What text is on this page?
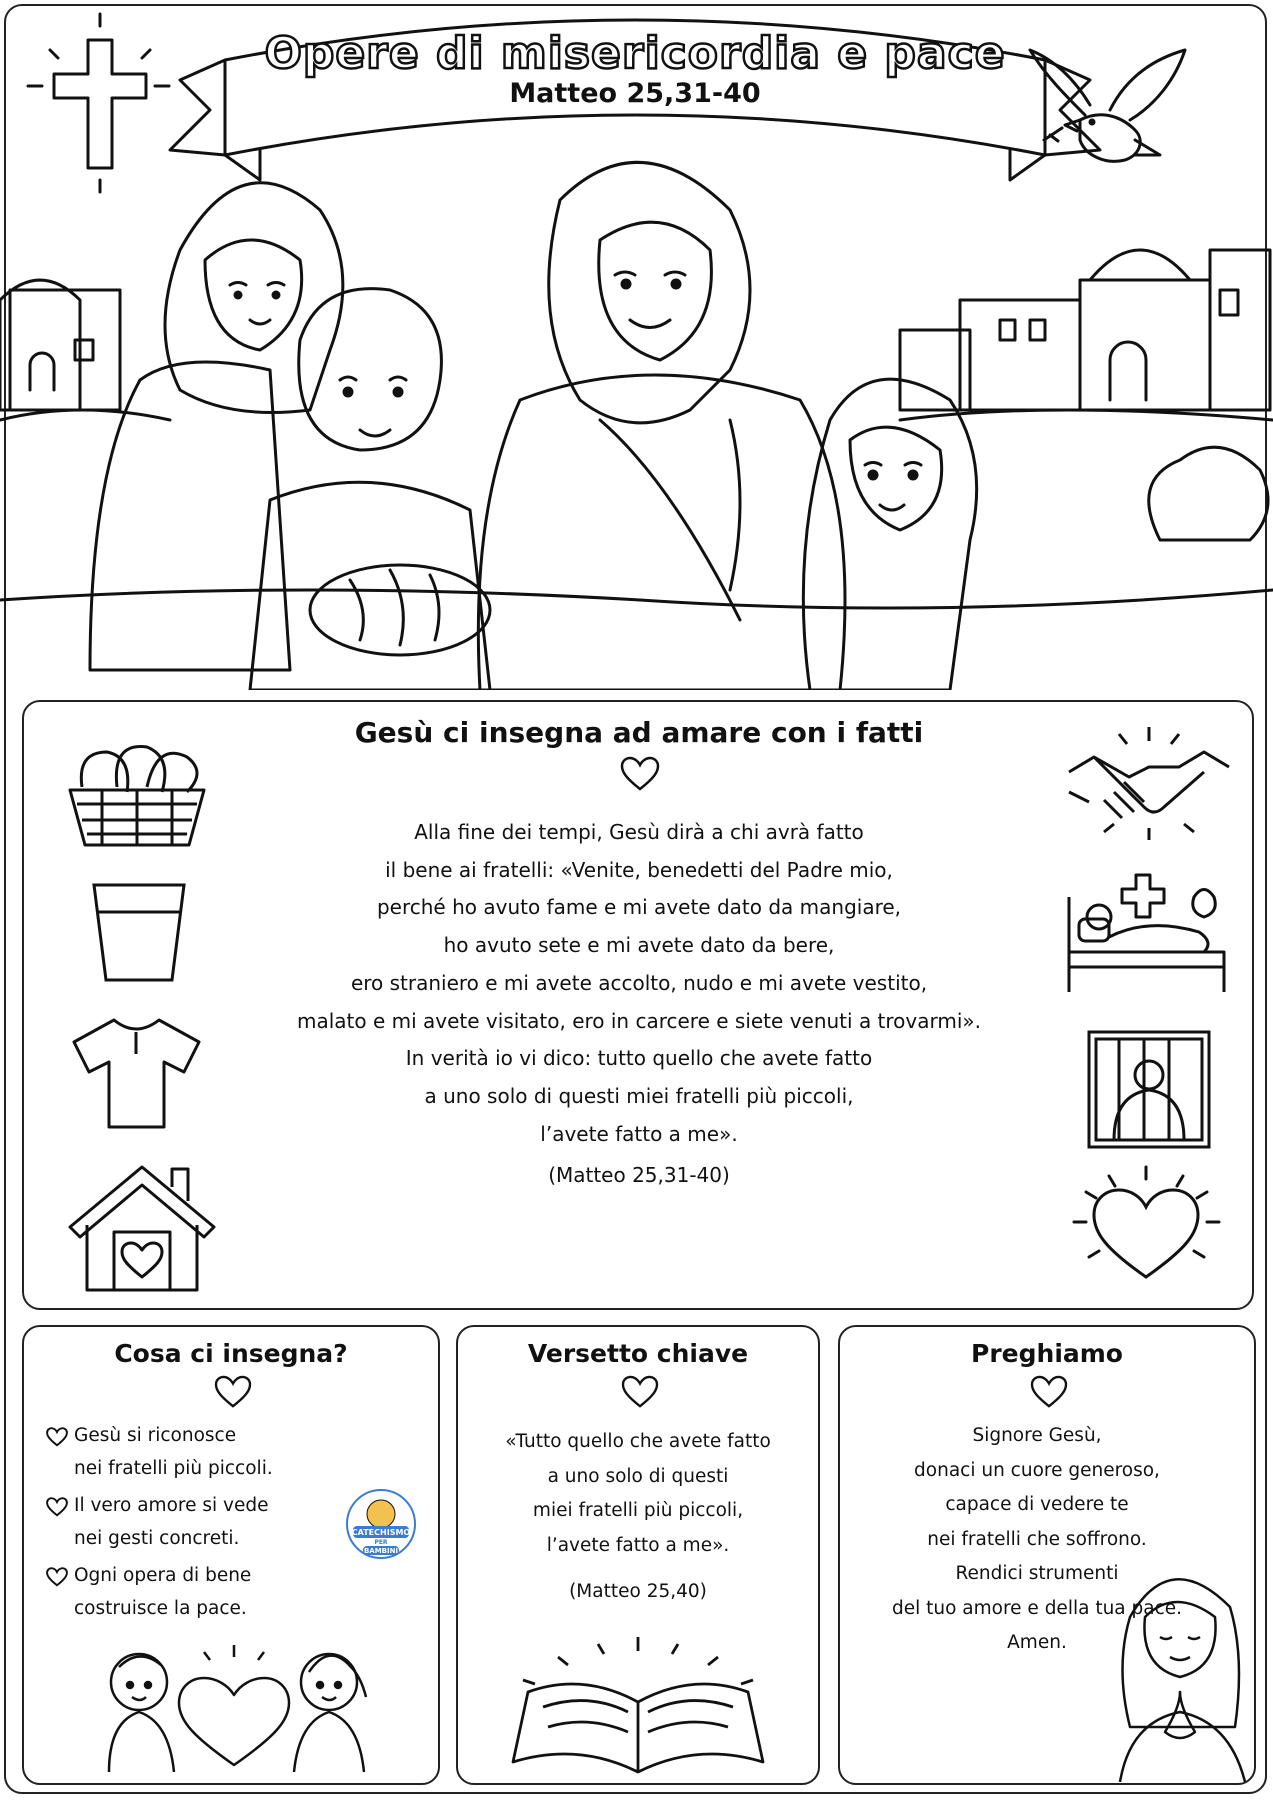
Opere di misericordia e pace
Matteo 25,31-40
Gesù ci insegna ad amare con i fatti
Alla fine dei tempi, Gesù dirà a chi avrà fatto
il bene ai fratelli: «Venite, benedetti del Padre mio,
perché ho avuto fame e mi avete dato da mangiare,
ho avuto sete e mi avete dato da bere,
ero straniero e mi avete accolto, nudo e mi avete vestito,
malato e mi avete visitato, ero in carcere e siete venuti a trovarmi».
In verità io vi dico: tutto quello che avete fatto
a uno solo di questi miei fratelli più piccoli,
l’avete fatto a me».
(Matteo 25,31-40)
Cosa ci insegna?
Gesù si riconosce
nei fratelli più piccoli.
Il vero amore si vede
nei gesti concreti.
Ogni opera di bene
costruisce la pace.
Versetto chiave
«Tutto quello che avete fatto
a uno solo di questi
miei fratelli più piccoli,
l’avete fatto a me».
(Matteo 25,40)
Preghiamo
Signore Gesù,
donaci un cuore generoso,
capace di vedere te
nei fratelli che soffrono.
Rendici strumenti
del tuo amore e della tua pace.
Amen.
CATECHISMO
PER
BAMBINI
